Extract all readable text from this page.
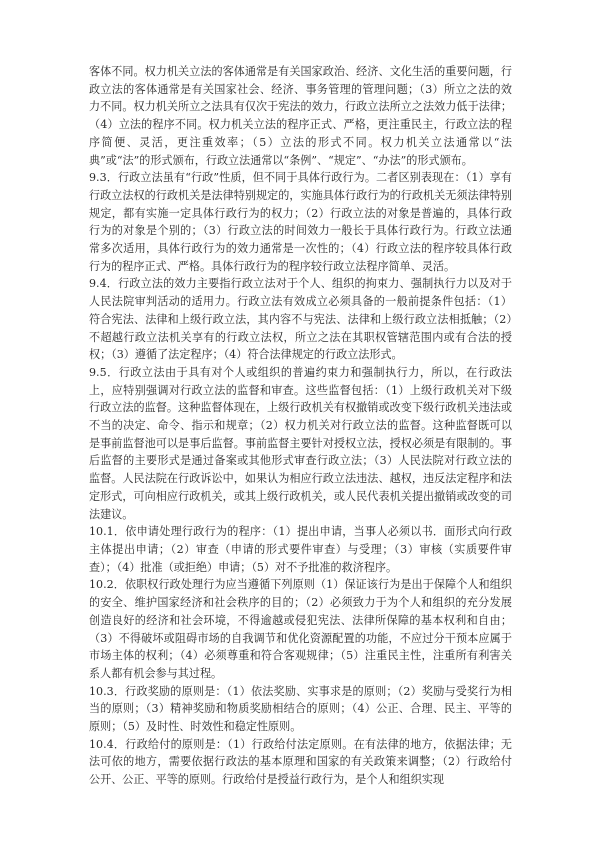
客体不同。权力机关立法的客体通常是有关国家政治、经济、文化生活的重要问题，行政立法的客体通常是有关国家社会、经济、事务管理的管理问题；（3）所立之法的效力不同。权力机关所立之法具有仅次于宪法的效力，行政立法所立之法效力低于法律；（4）立法的程序不同。权力机关立法的程序正式、严格，更注重民主，行政立法的程序简便、灵活，更注重效率；（5）立法的形式不同。权力机关立法通常以“法典”或“法”的形式颁布，行政立法通常以“条例”、“规定”、“办法”的形式颁布。

9.3．行政立法虽有“行政”性质，但不同于具体行政行为。二者区别表现在：（1）享有行政立法权的行政机关是法律特别规定的，实施具体行政行为的行政机关无须法律特别规定，都有实施一定具体行政行为的权力；（2）行政立法的对象是普遍的，具体行政行为的对象是个别的；（3）行政立法的时间效力一般长于具体行政行为。行政立法通常多次适用，具体行政行为的效力通常是一次性的；（4）行政立法的程序较具体行政行为的程序正式、严格。具体行政行为的程序较行政立法程序简单、灵活。

9.4．行政立法的效力主要指行政立法对于个人、组织的拘束力、强制执行力以及对于人民法院审判活动的适用力。行政立法有效成立必须具备的一般前提条件包括：（1）符合宪法、法律和上级行政立法，其内容不与宪法、法律和上级行政立法相抵触；（2）不超越行政立法机关享有的行政立法权，所立之法在其职权管辖范围内或有合法的授权；（3）遵循了法定程序；（4）符合法律规定的行政立法形式。

9.5．行政立法由于具有对个人或组织的普遍约束力和强制执行力，所以，在行政法上，应特别强调对行政立法的监督和审查。这些监督包括：（1）上级行政机关对下级行政立法的监督。这种监督体现在，上级行政机关有权撤销或改变下级行政机关违法或不当的决定、命令、指示和规章；（2）权力机关对行政立法的监督。这种监督既可以是事前监督池可以是事后监督。事前监督主要针对授权立法，授权必须是有限制的。事后监督的主要形式是通过备案或其他形式审查行政立法；（3）人民法院对行政立法的监督。人民法院在行政诉讼中，如果认为相应行政立法违法、越权，违反法定程序和法定形式，可向相应行政机关，或其上级行政机关，或人民代表机关提出撤销或改变的司法建议。

10.1．依申请处理行政行为的程序：（1）提出申请，当事人必须以书．面形式向行政主体提出申请；（2）审查（申请的形式要件审查）与受理；（3）审核（实质要件审查）；（4）批准（或拒绝）申请；（5）对不予批准的救济程序。

10.2．依职权行政处理行为应当遵循下列原则（1）保证该行为是出于保障个人和组织的安全、维护国家经济和社会秩序的目的；（2）必须致力于为个人和组织的充分发展创造良好的经济和社会环境，不得逾越或侵犯宪法、法律所保障的基本权利和自由；（3）不得破坏或阻碍市场的自我调节和优化资源配置的功能，不应过分干预本应属于市场主体的权利；（4）必须尊重和符合客观规律；（5）注重民主性，注重所有利害关系人都有机会参与其过程。

10.3．行政奖励的原则是：（1）依法奖励、实事求是的原则；（2）奖励与受奖行为相当的原则；（3）精神奖励和物质奖励相结合的原则；（4）公正、合理、民主、平等的原则；（5）及时性、时效性和稳定性原则。

10.4．行政给付的原则是：（1）行政给付法定原则。在有法律的地方，依据法律；无法可依的地方，需要依据行政法的基本原理和国家的有关政策来调整；（2）行政给付公开、公正、平等的原则。行政给付是授益行政行为，是个人和组织实现
